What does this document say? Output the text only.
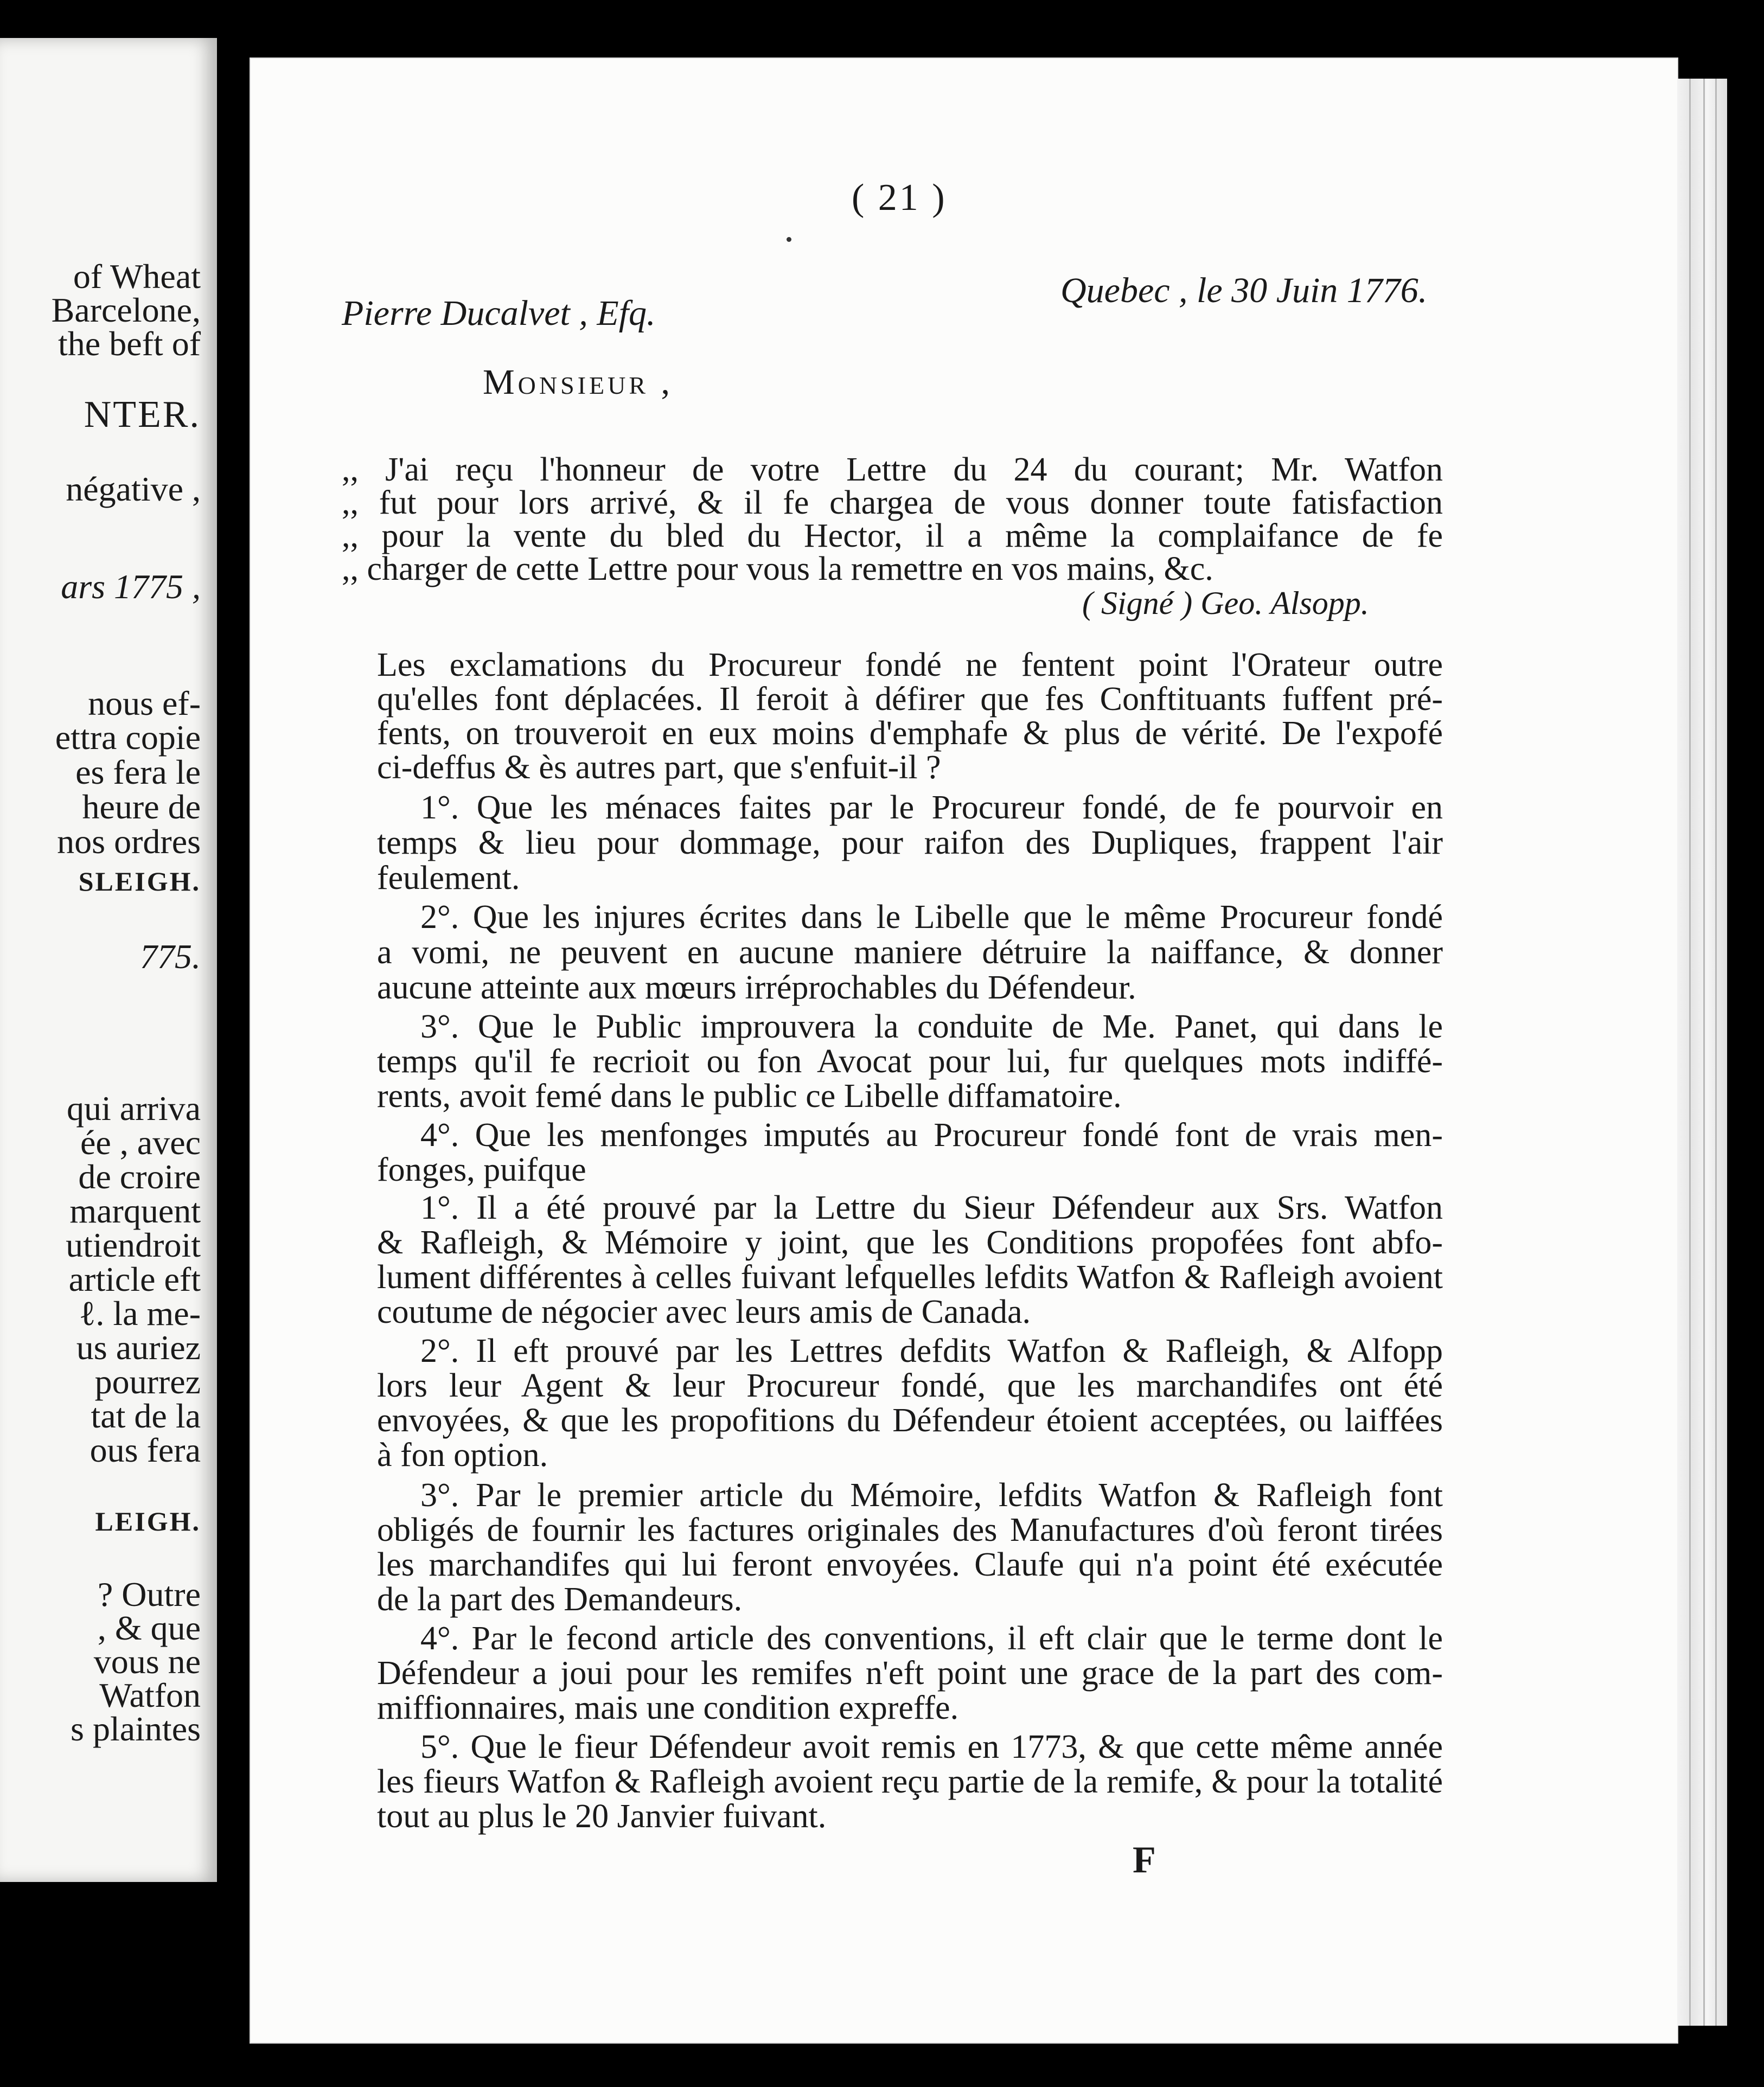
of Wheat
Barcelone,
the beft of
NTER.
négative ,
ars 1775 ,
nous ef-
ettra copie
es fera le
heure de
nos ordres
SLEIGH.
775.
qui arriva
ée , avec
de croire
marquent
utiendroit
article eft
ℓ. la me-
us auriez
pourrez
tat de la
ous fera
LEIGH.
? Outre
, & que
vous ne
Watfon
s plaintes
( 21 )
Quebec , le 30 Juin 1776.
Pierre Ducalvet , Efq.
Monsieur ,
,, J'ai reçu l'honneur de votre Lettre du 24 du courant; Mr. Watfon
,, fut pour lors arrivé, & il fe chargea de vous donner toute fatisfaction
,, pour la vente du bled du Hector, il a même la complaifance de fe
,, charger de cette Lettre pour vous la remettre en vos mains, &c.
( Signé ) Geo. Alsopp.
Les exclamations du Procureur fondé ne fentent point l'Orateur outre
qu'elles font déplacées. Il feroit à défirer que fes Conftituants fuffent pré-
fents, on trouveroit en eux moins d'emphafe & plus de vérité. De l'expofé
ci-deffus & ès autres part, que s'enfuit-il ?
1°. Que les ménaces faites par le Procureur fondé, de fe pourvoir en
temps & lieu pour dommage, pour raifon des Dupliques, frappent l'air
feulement.
2°. Que les injures écrites dans le Libelle que le même Procureur fondé
a vomi, ne peuvent en aucune maniere détruire la naiffance, & donner
aucune atteinte aux mœurs irréprochables du Défendeur.
3°. Que le Public improuvera la conduite de Me. Panet, qui dans le
temps qu'il fe recrioit ou fon Avocat pour lui, fur quelques mots indiffé-
rents, avoit femé dans le public ce Libelle diffamatoire.
4°. Que les menfonges imputés au Procureur fondé font de vrais men-
fonges, puifque
1°. Il a été prouvé par la Lettre du Sieur Défendeur aux Srs. Watfon
& Rafleigh, & Mémoire y joint, que les Conditions propofées font abfo-
lument différentes à celles fuivant lefquelles lefdits Watfon & Rafleigh avoient
coutume de négocier avec leurs amis de Canada.
2°. Il eft prouvé par les Lettres defdits Watfon & Rafleigh, & Alfopp
lors leur Agent & leur Procureur fondé, que les marchandifes ont été
envoyées, & que les propofitions du Défendeur étoient acceptées, ou laiffées
à fon option.
3°. Par le premier article du Mémoire, lefdits Watfon & Rafleigh font
obligés de fournir les factures originales des Manufactures d'où feront tirées
les marchandifes qui lui feront envoyées. Claufe qui n'a point été exécutée
de la part des Demandeurs.
4°. Par le fecond article des conventions, il eft clair que le terme dont le
Défendeur a joui pour les remifes n'eft point une grace de la part des com-
miffionnaires, mais une condition expreffe.
5°. Que le fieur Défendeur avoit remis en 1773, & que cette même année
les fieurs Watfon & Rafleigh avoient reçu partie de la remife, & pour la totalité
tout au plus le 20 Janvier fuivant.
F
